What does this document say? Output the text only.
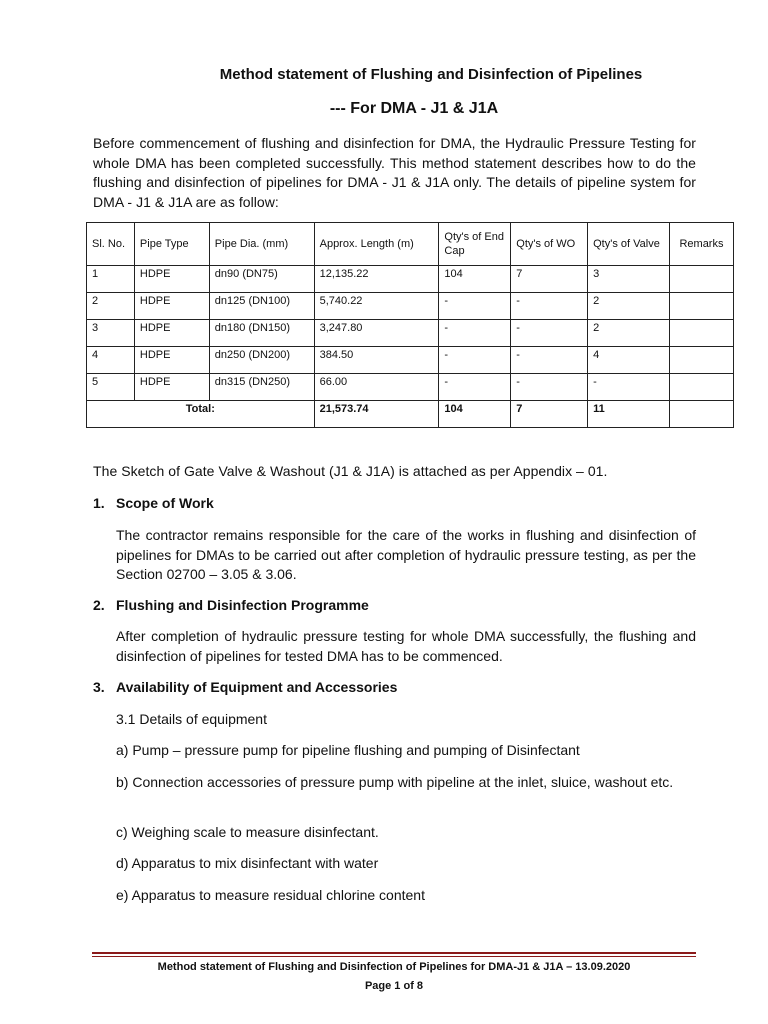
Method statement of Flushing and Disinfection of Pipelines
--- For DMA - J1 & J1A
Before commencement of flushing and disinfection for DMA, the Hydraulic Pressure Testing for whole DMA has been completed successfully. This method statement describes how to do the flushing and disinfection of pipelines for DMA - J1 & J1A only. The details of pipeline system for DMA - J1 & J1A are as follow:
Sl. No.	Pipe Type	Pipe Dia. (mm)	Approx. Length (m)	Qty's of End Cap	Qty's of WO	Qty's of Valve	Remarks
1	HDPE	dn90 (DN75)	12,135.22	104	7	3	
2	HDPE	dn125 (DN100)	5,740.22	-	-	2	
3	HDPE	dn180 (DN150)	3,247.80	-	-	2	
4	HDPE	dn250 (DN200)	384.50	-	-	4	
5	HDPE	dn315 (DN250)	66.00	-	-	-	
Total:			21,573.74	104	7	11	
The Sketch of Gate Valve & Washout (J1 & J1A) is attached as per Appendix – 01.
1. Scope of Work
The contractor remains responsible for the care of the works in flushing and disinfection of pipelines for DMAs to be carried out after completion of hydraulic pressure testing, as per the Section 02700 – 3.05 & 3.06.
2. Flushing and Disinfection Programme
After completion of hydraulic pressure testing for whole DMA successfully, the flushing and disinfection of pipelines for tested DMA has to be commenced.
3. Availability of Equipment and Accessories
3.1 Details of equipment
a) Pump – pressure pump for pipeline flushing and pumping of Disinfectant
b) Connection accessories of pressure pump with pipeline at the inlet, sluice, washout etc.
c) Weighing scale to measure disinfectant.
d) Apparatus to mix disinfectant with water
e) Apparatus to measure residual chlorine content
Method statement of Flushing and Disinfection of Pipelines for DMA-J1 & J1A – 13.09.2020
Page 1 of 8
